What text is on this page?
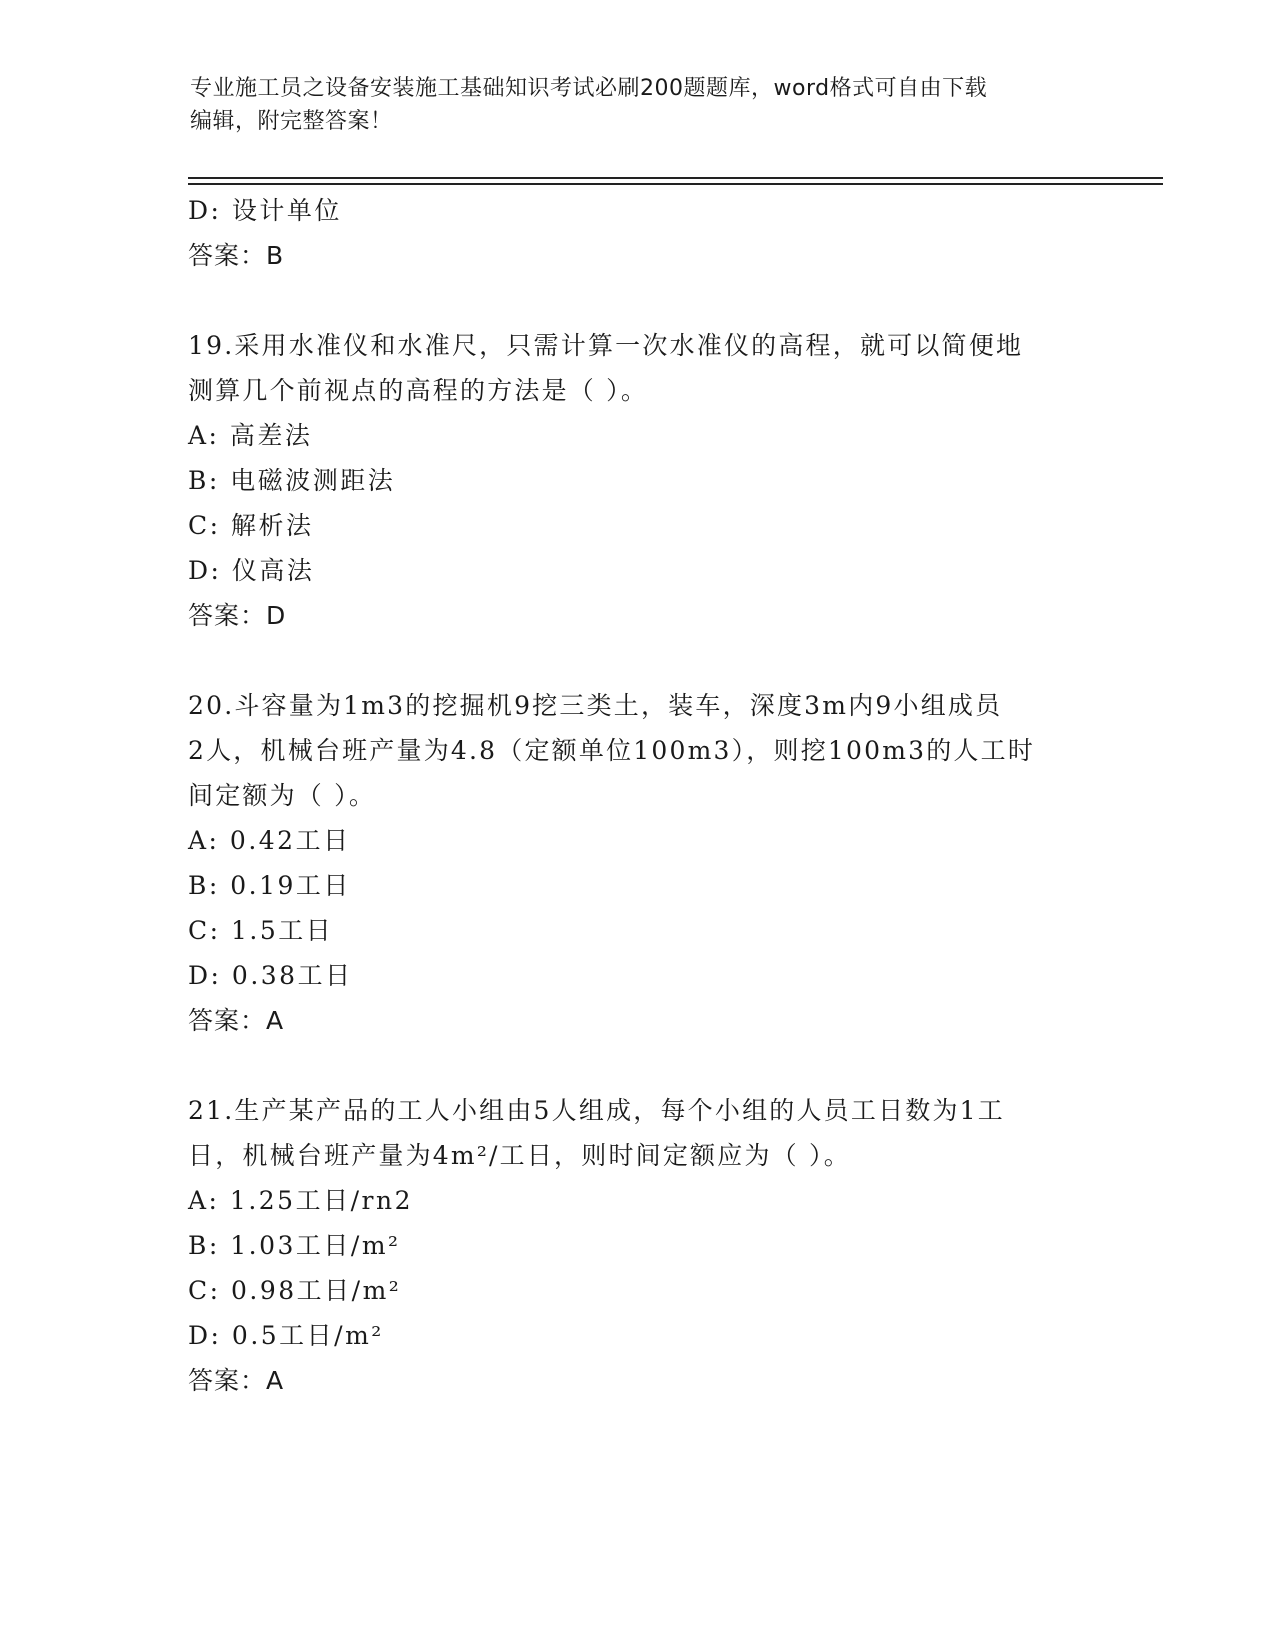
专业施工员之设备安装施工基础知识考试必刷200题题库，word格式可自由下载
编辑，附完整答案！
D: 设计单位
答案：B
19.采用水准仪和水准尺，只需计算一次水准仪的高程，就可以简便地
测算几个前视点的高程的方法是（ ）。
A: 高差法
B: 电磁波测距法
C: 解析法
D: 仪高法
答案：D
20.斗容量为1m3的挖掘机9挖三类土，装车，深度3m内9小组成员
2人，机械台班产量为4.8（定额单位100m3），则挖100m3的人工时
间定额为（ ）。
A: 0.42工日
B: 0.19工日
C: 1.5工日
D: 0.38工日
答案：A
21.生产某产品的工人小组由5人组成，每个小组的人员工日数为1工
日，机械台班产量为4m²/工日，则时间定额应为（ ）。
A: 1.25工日/rn2
B: 1.03工日/m²
C: 0.98工日/m²
D: 0.5工日/m²
答案：A
